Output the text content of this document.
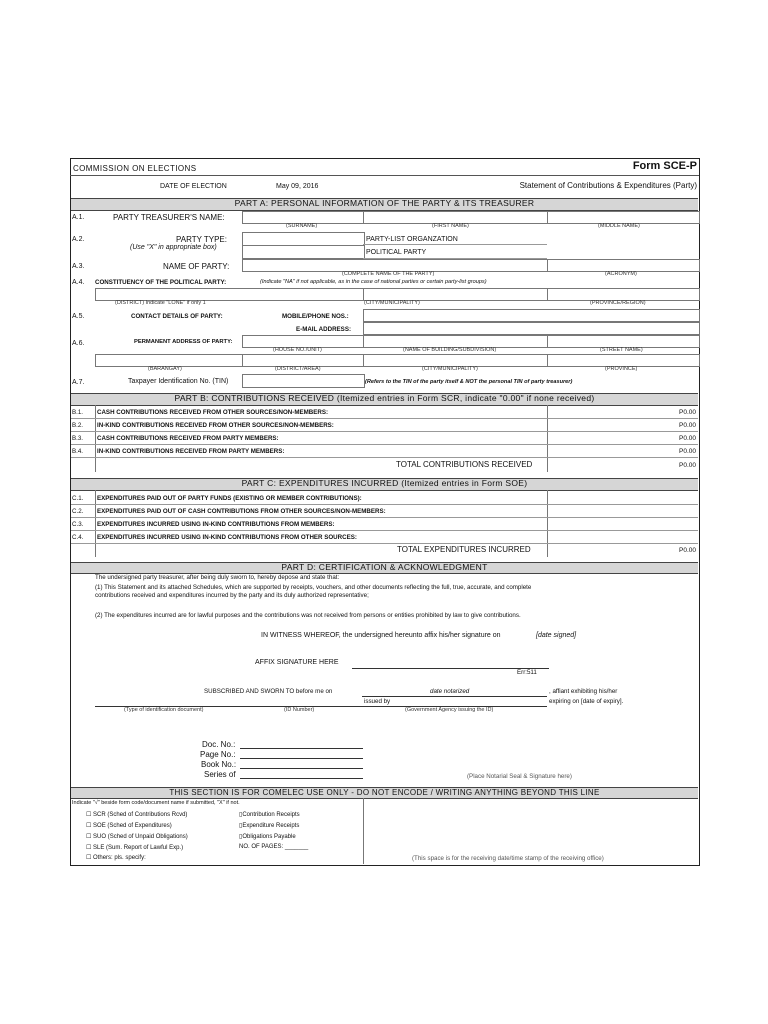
COMMISSION ON ELECTIONS	Form SCE-P
DATE OF ELECTION	May 09, 2016	Statement of Contributions & Expenditures (Party)
PART A: PERSONAL INFORMATION OF THE PARTY & ITS TREASURER
A.1.	PARTY TREASURER'S NAME:
(SURNAME)	(FIRST NAME)	(MIDDLE NAME)
A.2.	PARTY TYPE:
(Use "X" in appropriate box)
PARTY-LIST ORGANZATION
POLITICAL PARTY
A.3.	NAME OF PARTY:
(COMPLETE NAME OF THE PARTY)	(ACRONYM)
A.4. CONSTITUENCY OF THE POLITICAL PARTY:	(Indicate "NA" if not applicable, as in the case of national parties or certain party-list groups)
(DISTRICT) Indicate "LONE" if only 1	(CITY/MUNICIPALITY)	(PROVINCE/REGION)
A.5.	CONTACT DETAILS OF PARTY:	MOBILE/PHONE NOS.:
E-MAIL ADDRESS:
A.6.	PERMANENT ADDRESS OF PARTY:
(HOUSE NO./UNIT)	(NAME OF BUILDING/SUBDIVISION)	(STREET NAME)
(BARANGAY)	(DISTRICT/AREA)	(CITY/MUNICIPALITY)	(PROVINCE)
A.7.	Taxpayer Identification No. (TIN)	(Refers to the TIN of the party itself & NOT the personal TIN of party treasurer)
PART B: CONTRIBUTIONS RECEIVED (Itemized entries in Form SCR, indicate "0.00" if none received)
B.1. CASH CONTRIBUTIONS RECEIVED FROM OTHER SOURCES/NON-MEMBERS:	P0.00
B.2. IN-KIND CONTRIBUTIONS RECEIVED FROM OTHER SOURCES/NON-MEMBERS:	P0.00
B.3. CASH CONTRIBUTIONS RECEIVED FROM PARTY MEMBERS:	P0.00
B.4. IN-KIND CONTRIBUTIONS RECEIVED FROM PARTY MEMBERS:	P0.00
TOTAL CONTRIBUTIONS RECEIVED	P0.00
PART C: EXPENDITURES INCURRED (Itemized entries in Form SOE)
C.1. EXPENDITURES PAID OUT OF PARTY FUNDS (EXISTING OR MEMBER CONTRIBUTIONS):
C.2. EXPENDITURES PAID OUT OF CASH CONTRIBUTIONS FROM OTHER SOURCES/NON-MEMBERS:
C.3. EXPENDITURES INCURRED USING IN-KIND CONTRIBUTIONS FROM MEMBERS:
C.4. EXPENDITURES INCURRED USING IN-KIND CONTRIBUTIONS FROM OTHER SOURCES:
TOTAL EXPENDITURES INCURRED	P0.00
PART D: CERTIFICATION & ACKNOWLEDGMENT
The undersigned party treasurer, after being duly sworn to, hereby depose and state that:
(1) This Statement and its attached Schedules, which are supported by receipts, vouchers, and other documents reflecting the full, true, accurate, and complete
contributions received and expenditures incurred by the party and its duly authorized representative;
(2) The expenditures incurred are for lawful purposes and the contributions was not received from persons or entities prohibited by law to give contributions.
IN WITNESS WHEREOF, the undersigned hereunto affix his/her signature on	[date signed]
AFFIX SIGNATURE HERE
Err:511
SUBSCRIBED AND SWORN TO before me on	date notarized	, affiant exhibiting his/her
issued by	expiring on [date of expiry].
(Type of identification document)	(ID Number)	(Government Agency issuing the ID)
Doc. No.:
Page No.:
Book No.:
Series of	(Place Notarial Seal & Signature here)
THIS SECTION IS FOR COMELEC USE ONLY - DO NOT ENCODE / WRITING ANYTHING BEYOND THIS LINE
Indicate "√" beside form code/document name if submitted, "X" if not.
☐ SCR (Sched of Contributions Rcvd)
☐ SOE (Sched of Expenditures)
☐ SUO (Sched of Unpaid Obligations)
☐ SLE (Sum. Report of Lawful Exp.)
☐ Others: pls. specify:
▯Contribution Receipts
▯Expenditure Receipts
▯Obligations Payable
NO. OF PAGES: _______
(This space is for the receiving date/time stamp of the receiving office)
